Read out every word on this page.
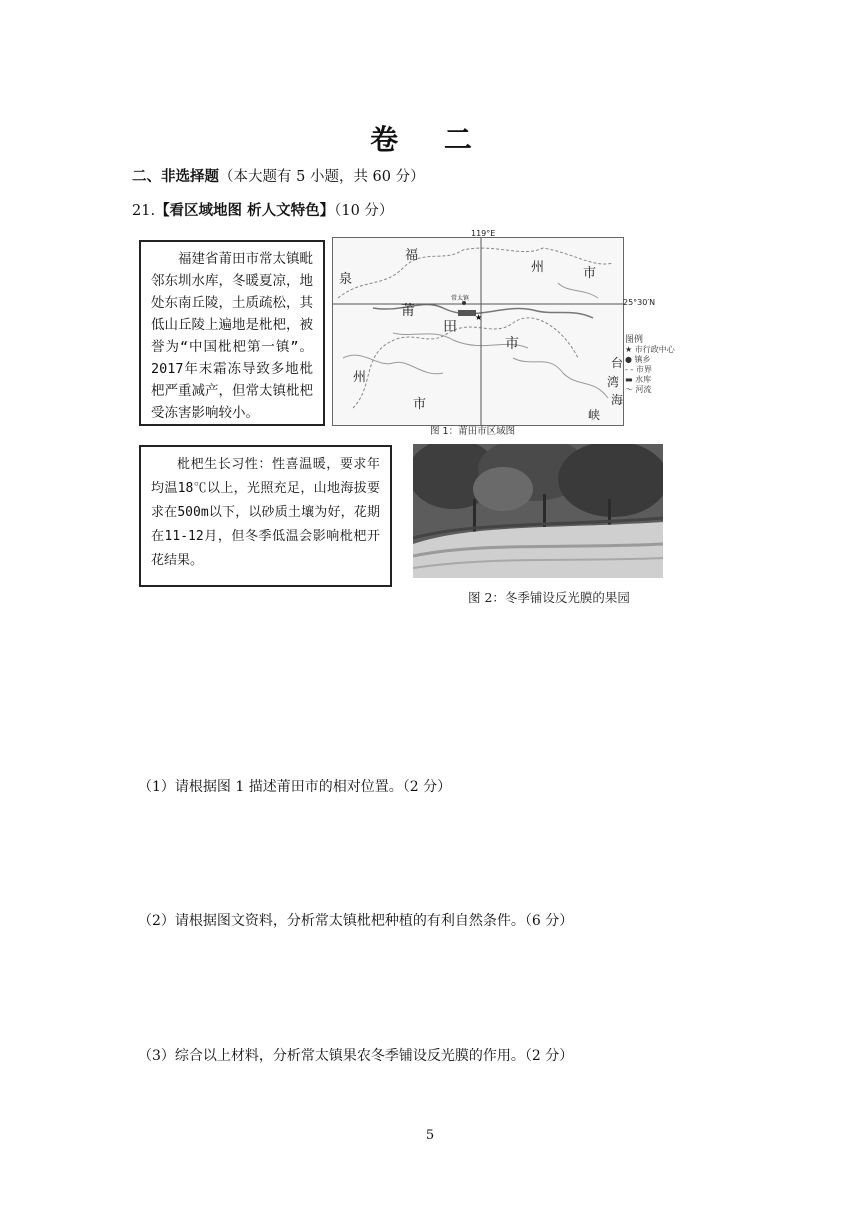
卷 二
二、非选择题（本大题有 5 小题，共 60 分）
21.【看区域地图 析人文特色】（10 分）
福建省莆田市常太镇毗邻东圳水库，冬暖夏凉，地处东南丘陵，土质疏松，其低山丘陵上遍地是枇杷，被誉为“中国枇杷第一镇”。2017年末霜冻导致多地枇杷严重减产，但常太镇枇杷受冻害影响较小。
★
119°E
25°30′N
常太镇
福
州	市
泉
莆
田
市
州
市
台
湾
海
峡
图例
★ 市行政中心
● 镇乡
- - 市界
▬ 水库
〜 河流
图 1：莆田市区域图
枇杷生长习性：性喜温暖，要求年均温18℃以上，光照充足，山地海拔要求在500m以下，以砂质土壤为好，花期在11-12月，但冬季低温会影响枇杷开花结果。
图 2：冬季铺设反光膜的果园
（1）请根据图 1 描述莆田市的相对位置。（2 分）
（2）请根据图文资料，分析常太镇枇杷种植的有利自然条件。（6 分）
（3）综合以上材料，分析常太镇果农冬季铺设反光膜的作用。（2 分）
5
